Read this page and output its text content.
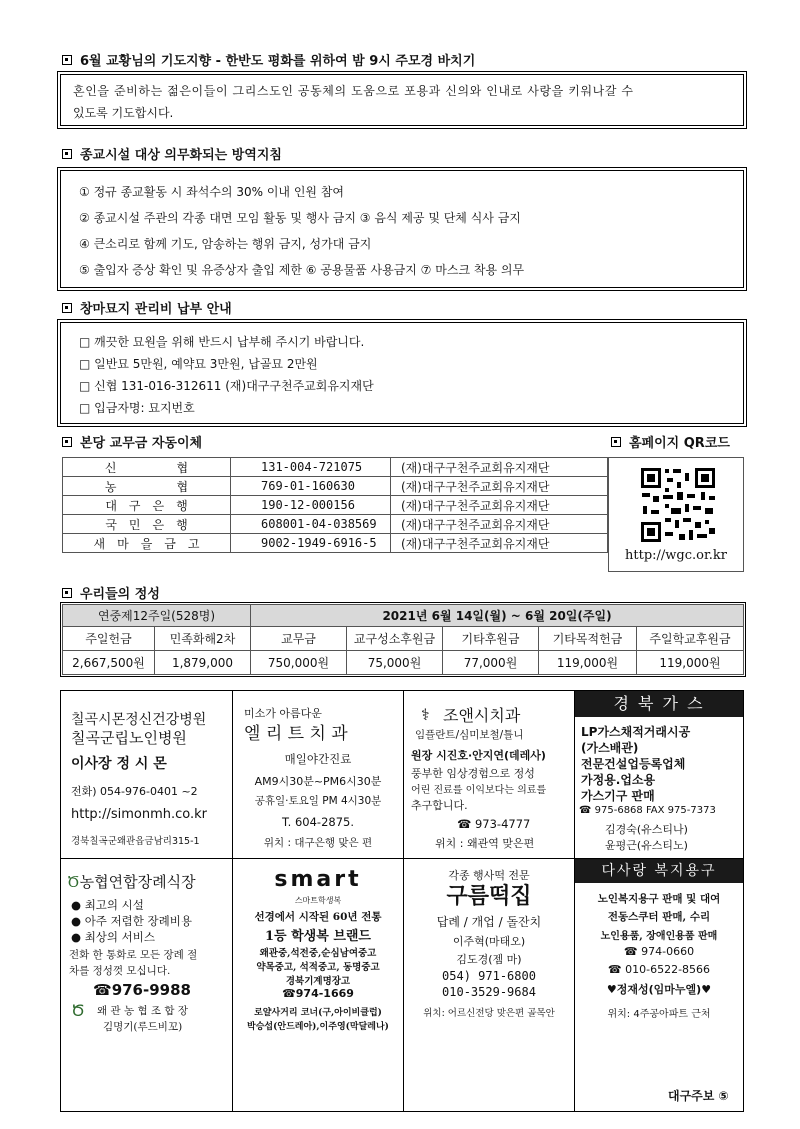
6월 교황님의 기도지향 - 한반도 평화를 위하여 밤 9시 주모경 바치기
혼인을 준비하는 젊은이들이 그리스도인 공동체의 도움으로 포용과 신의와 인내로 사랑을 키워나갈 수
있도록 기도합시다.
종교시설 대상 의무화되는 방역지침
① 정규 종교활동 시 좌석수의 30% 이내 인원 참여
② 종교시설 주관의 각종 대면 모임 활동 및 행사 금지 ③ 음식 제공 및 단체 식사 금지
④ 큰소리로 함께 기도, 암송하는 행위 금지, 성가대 금지
⑤ 출입자 증상 확인 및 유증상자 출입 제한 ⑥ 공용물품 사용금지 ⑦ 마스크 착용 의무
창마묘지 관리비 납부 안내
□ 깨끗한 묘원을 위해 반드시 납부해 주시기 바랍니다.
□ 일반묘 5만원, 예약묘 3만원, 납골묘 2만원
□ 신협 131-016-312611 (재)대구구천주교회유지재단
□ 입금자명: 묘지번호
본당 교무금 자동이체	홈페이지 QR코드
신　　　　　협	131-004-721075	(재)대구구천주교회유지재단
농　　　　　협	769-01-160630	(재)대구구천주교회유지재단
대　구　은　행	190-12-000156	(재)대구구천주교회유지재단
국　민　은　행	608001-04-038569	(재)대구구천주교회유지재단
새　마　을　금　고	9002-1949-6916-5	(재)대구구천주교회유지재단
http://wgc.or.kr
우리들의 정성
연중제12주일(528명)		2021년 6월 14일(월) ~ 6월 20일(주일)				
주일헌금	민족화해2차	교무금	교구성소후원금	기타후원금	기타목적헌금	주일학교후원금
2,667,500원	1,879,000	750,000원	75,000원	77,000원	119,000원	119,000원
칠곡시몬정신건강병원
칠곡군립노인병원
이사장 정 시 몬
전화) 054-976-0401 ~2
http://simonmh.co.kr
경북칠곡군왜관읍금남리315-1
미소가 아름다운
엘 리 트 치 과
매일야간진료
AM9시30분~PM6시30분
공휴일·토요일 PM 4시30분
T. 604-2875.
위치 : 대구은행 맞은 편
⚕ 조앤시치과
임플란트/심미보철/틀니
원장 시진호·안지연(데레사)
풍부한 임상경험으로 정성
어린 진료를 이익보다는 의료를
추구합니다.
☎ 973-4777
위치 : 왜관역 맞은편
경 북 가 스
LP가스채적거래시공
(가스배관)
전문건설업등록업체
가정용.업소용
가스기구 판매
☎ 975-6868 FAX 975-7373
김경숙(유스티나)
윤평근(유스티노)
Ծ농협연합장례식장
● 최고의 시설
● 아주 저렴한 장례비용
● 최상의 서비스
전화 한 통화로 모든 장례 절
차를 정성껏 모십니다.
☎976-9988
Ծ 왜 관 농 협 조 합 장
김명기(루드비꼬)
smart
스마트학생복
선경에서 시작된 60년 전통
1등 학생복 브랜드
왜관중,석전중,순심남여중고
약목중고, 석적중고, 동명중고
경북기계명장고
☎974-1669
로얄사거리 코너(구,아이비클럽)
박승섭(안드레아),이주영(막달레나)
각종 행사떡 전문
구름떡집
답례 / 개업 / 돌잔치
이주혁(마태오)
김도경(젬 마)
054) 971-6800
010-3529-9684
위치: 어르신전당 맞은편 골목안
다사랑 복지용구
노인복지용구 판매 및 대여
전동스쿠터 판매, 수리
노인용품, 장애인용품 판매
☎ 974-0660
☎ 010-6522-8566
♥정재성(임마누엘)♥
위치: 4주공아파트 근처
대구주보 ⑤
